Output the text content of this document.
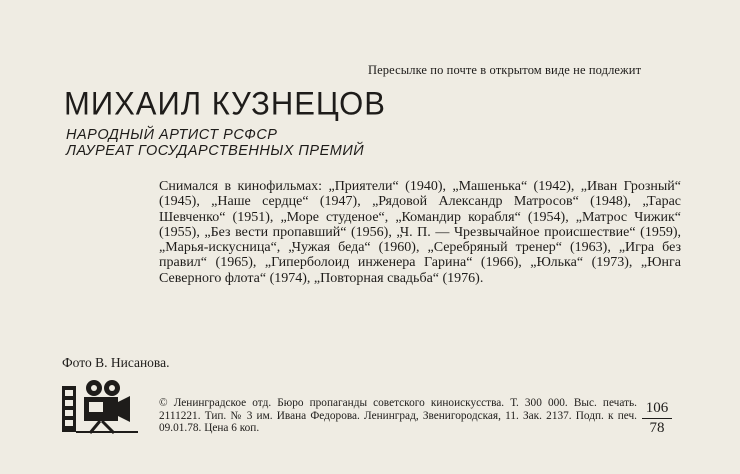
Пересылке по почте в открытом виде не подлежит
МИХАИЛ КУЗНЕЦОВ
НАРОДНЫЙ АРТИСТ РСФСР
ЛАУРЕАТ ГОСУДАРСТВЕННЫХ ПРЕМИЙ
Снимался в кинофильмах: „Приятели“ (1940), „Машенька“ (1942), „Иван Грозный“ (1945), „Наше сердце“ (1947), „Рядовой Александр Матросов“ (1948), „Тарас Шевченко“ (1951), „Море студеное“, „Командир корабля“ (1954), „Матрос Чижик“ (1955), „Без вести пропавший“ (1956), „Ч. П. — Чрезвычайное происшествие“ (1959), „Марья-искусница“, „Чужая беда“ (1960), „Серебряный тренер“ (1963), „Игра без правил“ (1965), „Гиперболоид инженера Гарина“ (1966), „Юлька“ (1973), „Юнга Северного флота“ (1974), „Повторная свадьба“ (1976).
Фото В. Нисанова.
© Ленинградское отд. Бюро пропаганды советского киноискусства. Т. 300 000. Выс. печать. 2111221. Тип. № 3 им. Ивана Федорова. Ленинград, Звенигородская, 11. Зак. 2137. Подп. к печ. 09.01.78. Цена 6 коп.	$\frac{106}{78}$
